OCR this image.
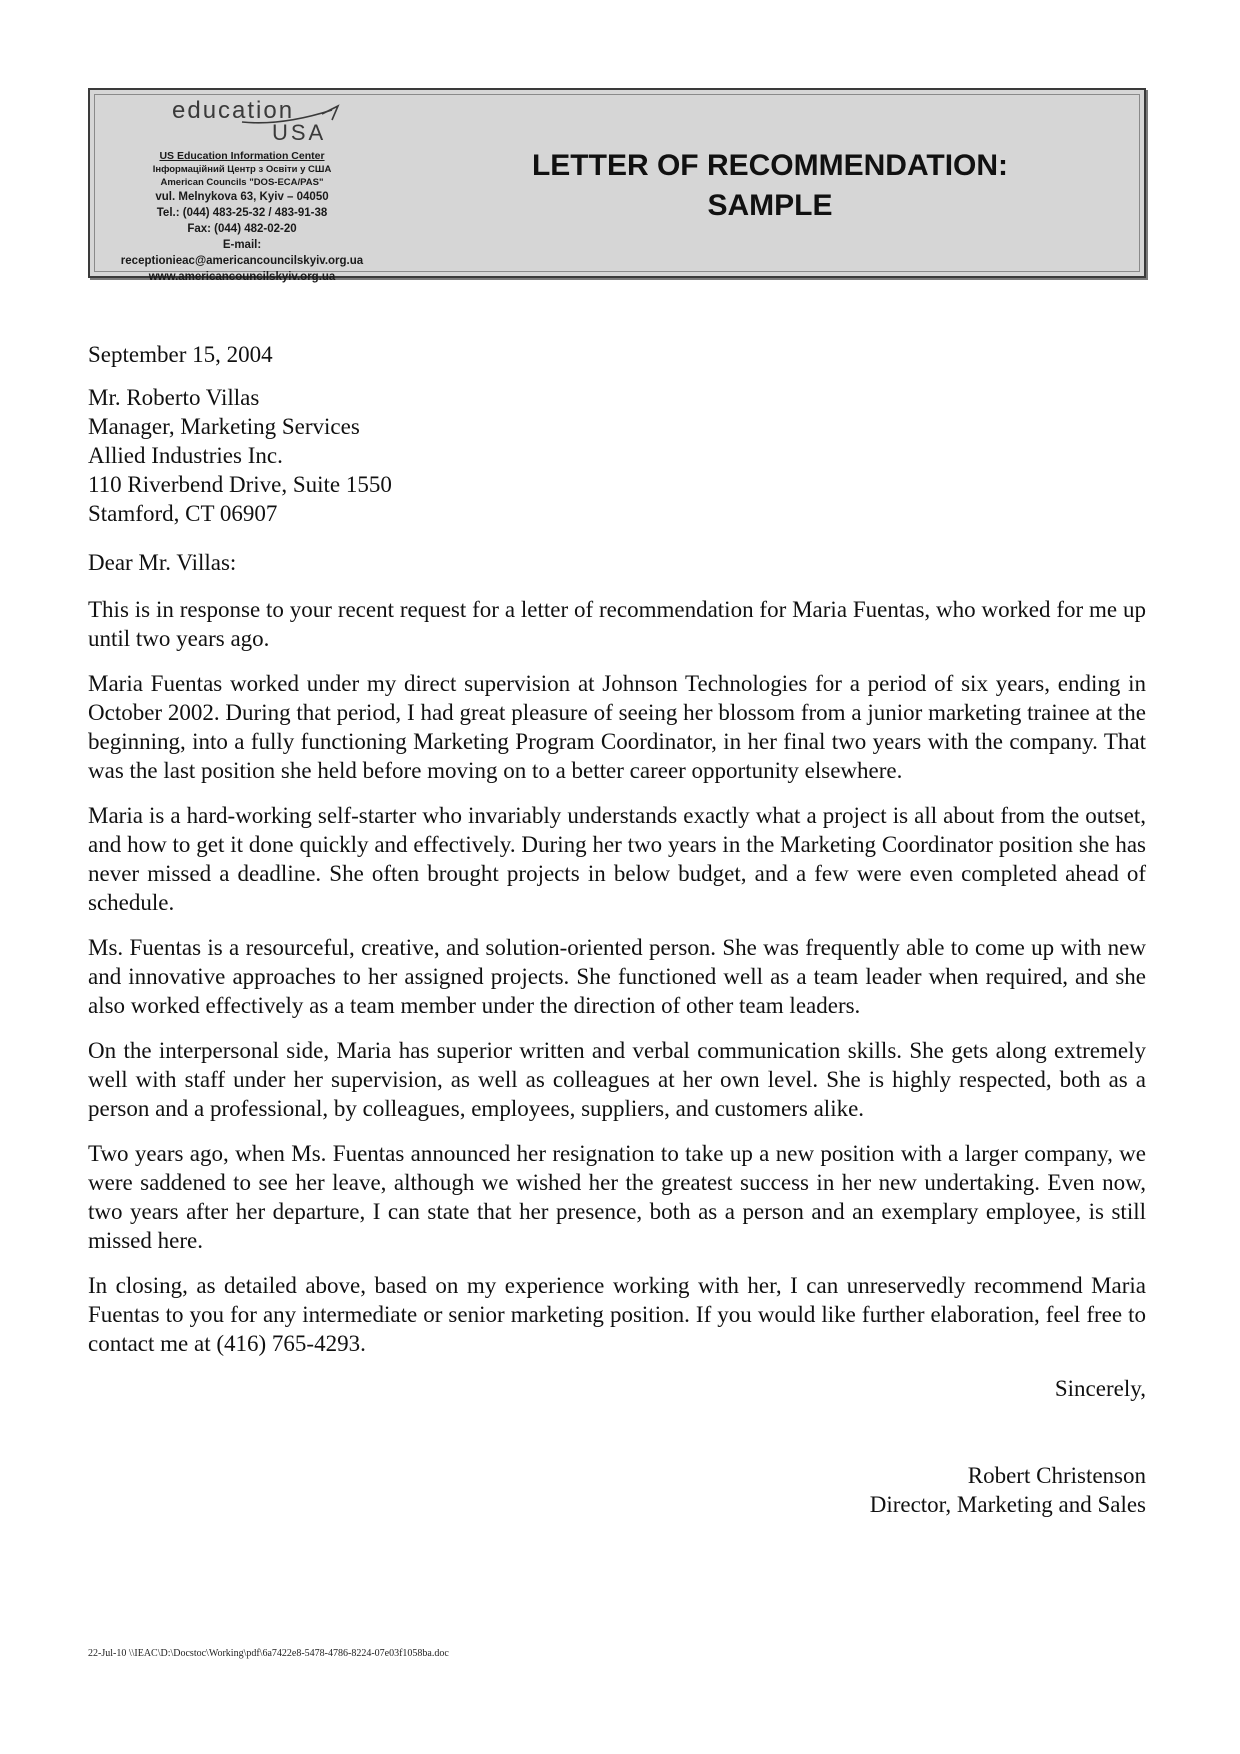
education
USA
US Education Information Center
Інформаційний Центр з Освіти у США
American Councils "DOS-ECA/PAS"
vul. Melnykova 63, Kyiv – 04050
Tel.: (044) 483-25-32 / 483-91-38
Fax: (044) 482-02-20
E-mail:
receptionieac@americancouncilskyiv.org.ua
www.americancouncilskyiv.org.ua
LETTER OF RECOMMENDATION:
SAMPLE
September 15, 2004
Mr. Roberto Villas
Manager, Marketing Services
Allied Industries Inc.
110 Riverbend Drive, Suite 1550
Stamford, CT 06907
Dear Mr. Villas:

This is in response to your recent request for a letter of recommendation for Maria Fuentas, who worked for me up until two years ago.

Maria Fuentas worked under my direct supervision at Johnson Technologies for a period of six years, ending in October 2002. During that period, I had great pleasure of seeing her blossom from a junior marketing trainee at the beginning, into a fully functioning Marketing Program Coordinator, in her final two years with the company. That was the last position she held before moving on to a better career opportunity elsewhere.

Maria is a hard-working self-starter who invariably understands exactly what a project is all about from the outset, and how to get it done quickly and effectively. During her two years in the Marketing Coordinator position she has never missed a deadline. She often brought projects in below budget, and a few were even completed ahead of schedule.

Ms. Fuentas is a resourceful, creative, and solution-oriented person. She was frequently able to come up with new and innovative approaches to her assigned projects. She functioned well as a team leader when required, and she also worked effectively as a team member under the direction of other team leaders.

On the interpersonal side, Maria has superior written and verbal communication skills. She gets along extremely well with staff under her supervision, as well as colleagues at her own level. She is highly respected, both as a person and a professional, by colleagues, employees, suppliers, and customers alike.

Two years ago, when Ms. Fuentas announced her resignation to take up a new position with a larger company, we were saddened to see her leave, although we wished her the greatest success in her new undertaking. Even now, two years after her departure, I can state that her presence, both as a person and an exemplary employee, is still missed here.

In closing, as detailed above, based on my experience working with her, I can unreservedly recommend Maria Fuentas to you for any intermediate or senior marketing position. If you would like further elaboration, feel free to contact me at (416) 765-4293.

Sincerely,
Robert Christenson
Director, Marketing and Sales
22-Jul-10 \\IEAC\D:\Docstoc\Working\pdf\6a7422e8-5478-4786-8224-07e03f1058ba.doc
